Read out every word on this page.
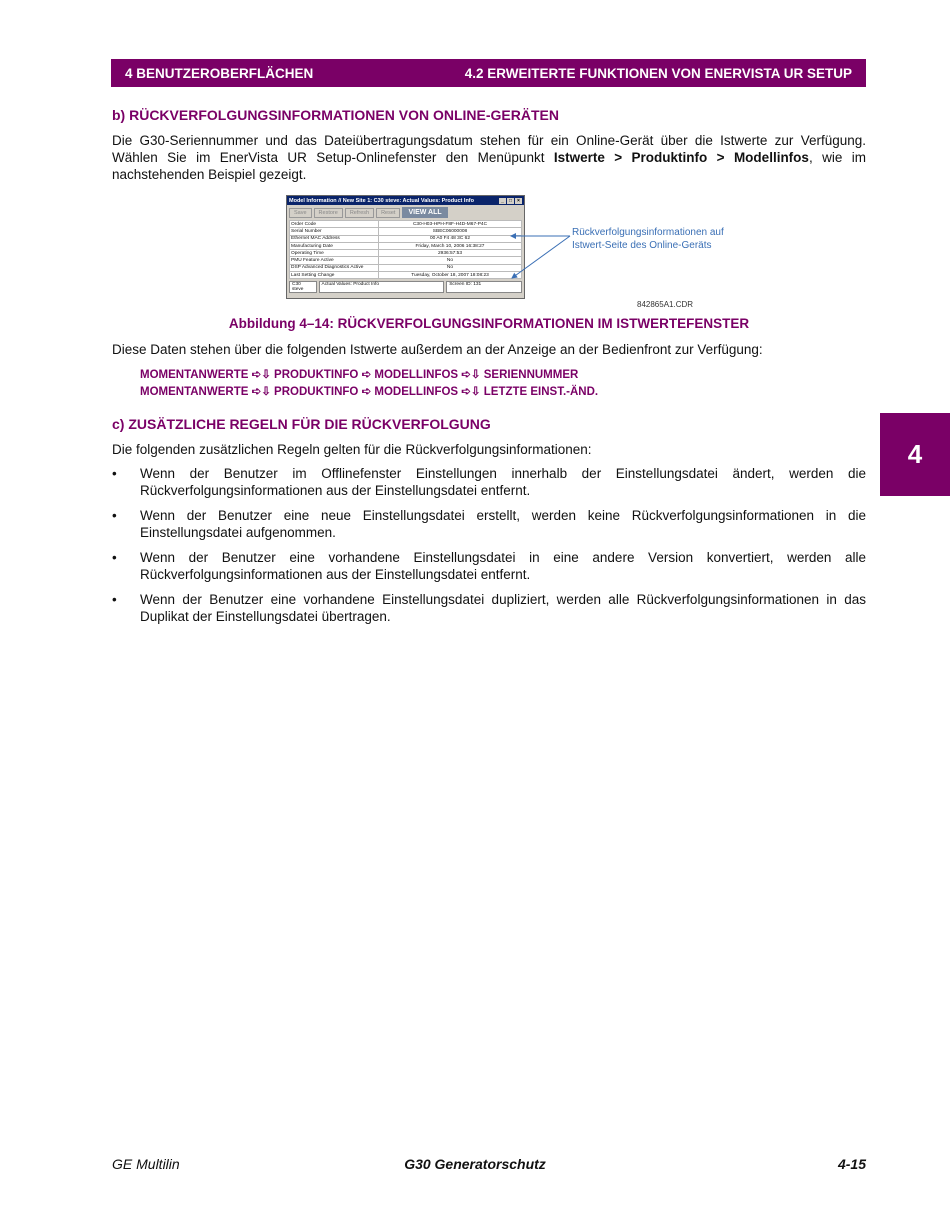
4 BENUTZEROBERFLÄCHEN	4.2 ERWEITERTE FUNKTIONEN VON ENERVISTA UR SETUP
b) RÜCKVERFOLGUNGSINFORMATIONEN VON ONLINE-GERÄTEN
Die G30-Seriennummer und das Dateiübertragungsdatum stehen für ein Online-Gerät über die Istwerte zur Verfügung. Wählen Sie im EnerVista UR Setup-Onlinefenster den Menüpunkt Istwerte > Produktinfo > Modellinfos, wie im nachstehenden Beispiel gezeigt.
Model Information // New Site 1: C30 steve: Actual Values: Product Info	_	□	×
Save	Restore	Refresh	Reset	VIEW ALL
Order Code	C30-H03-HPH-F8F-H4D-M67-P4C
Serial Number	SBEC06000008
Ethernet MAC Address	00 A0 F4 48 3C 62
Manufacturing Date	Friday, March 10, 2006 16:38:27
Operating Time	2936:57:53
PMU Feature Active	No
DSP Advanced Diagnostics Active	No
Last Setting Change	Tuesday, October 18, 2007 18:08:23
C30 steve
Actual Values: Product Info	Screen ID: 131
Rückverfolgungsinformationen auf Istwert-Seite des Online-Geräts
842865A1.CDR
Abbildung 4–14: RÜCKVERFOLGUNGSINFORMATIONEN IM ISTWERTEFENSTER
Diese Daten stehen über die folgenden Istwerte außerdem an der Anzeige an der Bedienfront zur Verfügung:
MOMENTANWERTE ➪⇩ PRODUKTINFO ➪ MODELLINFOS ➪⇩ SERIENNUMMER
MOMENTANWERTE ➪⇩ PRODUKTINFO ➪ MODELLINFOS ➪⇩ LETZTE EINST.-ÄND.
c) ZUSÄTZLICHE REGELN FÜR DIE RÜCKVERFOLGUNG
Die folgenden zusätzlichen Regeln gelten für die Rückverfolgungsinformationen:
• Wenn der Benutzer im Offlinefenster Einstellungen innerhalb der Einstellungsdatei ändert, werden die Rückverfolgungsinformationen aus der Einstellungsdatei entfernt.
• Wenn der Benutzer eine neue Einstellungsdatei erstellt, werden keine Rückverfolgungsinformationen in die Einstellungsdatei aufgenommen.
• Wenn der Benutzer eine vorhandene Einstellungsdatei in eine andere Version konvertiert, werden alle Rückverfolgungsinformationen aus der Einstellungsdatei entfernt.
• Wenn der Benutzer eine vorhandene Einstellungsdatei dupliziert, werden alle Rückverfolgungsinformationen in das Duplikat der Einstellungsdatei übertragen.
4
GE Multilin	G30 Generatorschutz	4-15
